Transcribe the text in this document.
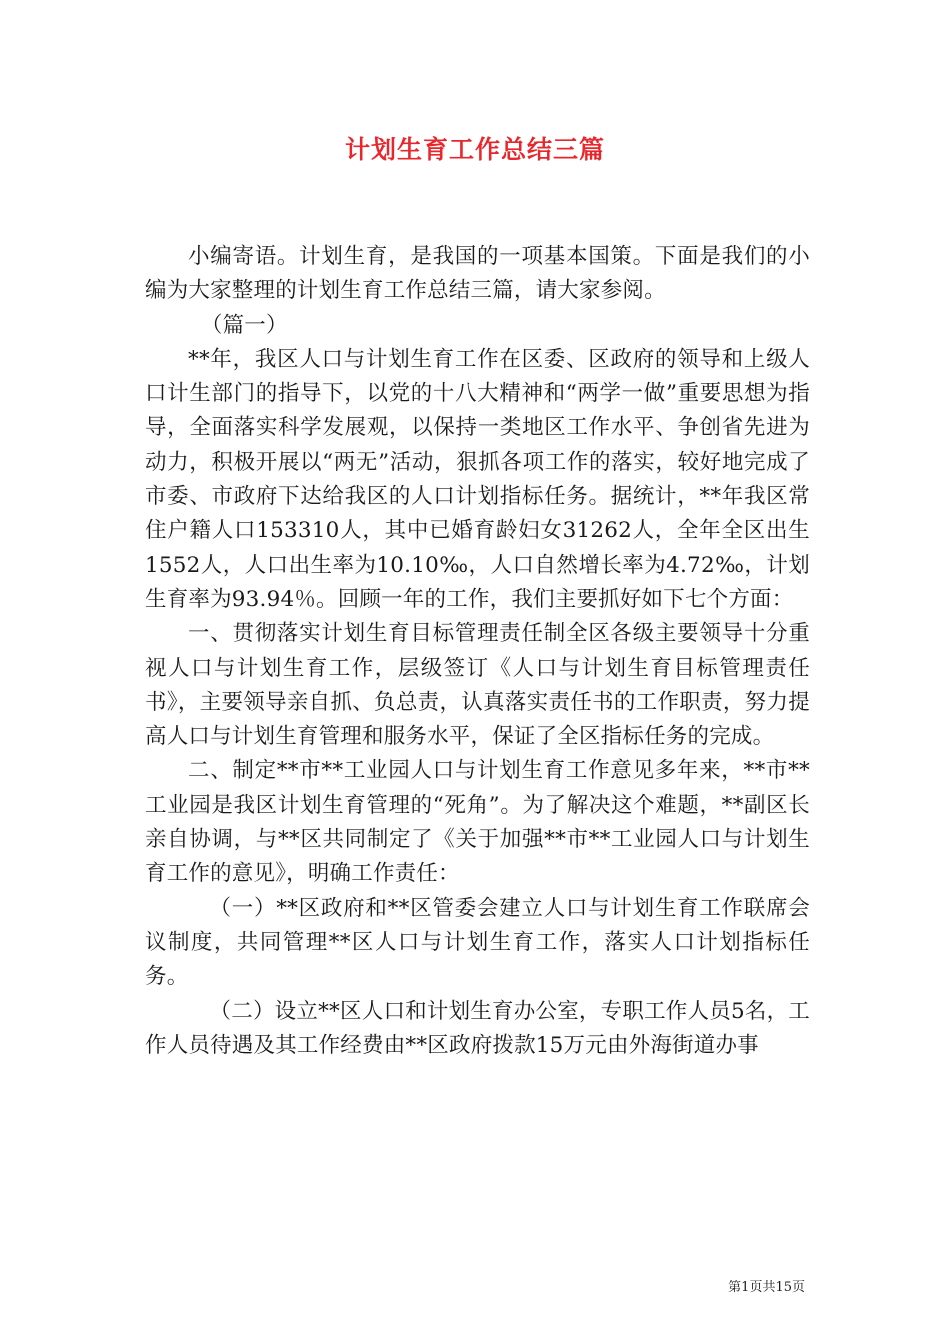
计划生育工作总结三篇

小编寄语。计划生育，是我国的一项基本国策。下面是我们的小编为大家整理的计划生育工作总结三篇，请大家参阅。

（篇一）

**年，我区人口与计划生育工作在区委、区政府的领导和上级人口计生部门的指导下，以党的十八大精神和“两学一做”重要思想为指导，全面落实科学发展观，以保持一类地区工作水平、争创省先进为动力，积极开展以“两无”活动，狠抓各项工作的落实，较好地完成了市委、市政府下达给我区的人口计划指标任务。据统计，**年我区常住户籍人口153310人，其中已婚育龄妇女31262人，全年全区出生1552人，人口出生率为10.10‰，人口自然增长率为4.72‰，计划生育率为93.94％。回顾一年的工作，我们主要抓好如下七个方面：

一、贯彻落实计划生育目标管理责任制全区各级主要领导十分重视人口与计划生育工作，层级签订《人口与计划生育目标管理责任书》，主要领导亲自抓、负总责，认真落实责任书的工作职责，努力提高人口与计划生育管理和服务水平，保证了全区指标任务的完成。

二、制定**市**工业园人口与计划生育工作意见多年来，**市**工业园是我区计划生育管理的“死角”。为了解决这个难题，**副区长亲自协调，与**区共同制定了《关于加强**市**工业园人口与计划生育工作的意见》，明确工作责任：

（一）**区政府和**区管委会建立人口与计划生育工作联席会议制度，共同管理**区人口与计划生育工作，落实人口计划指标任务。

（二）设立**区人口和计划生育办公室，专职工作人员5名，工作人员待遇及其工作经费由**区政府拨款15万元由外海街道办事

第1页共15页
